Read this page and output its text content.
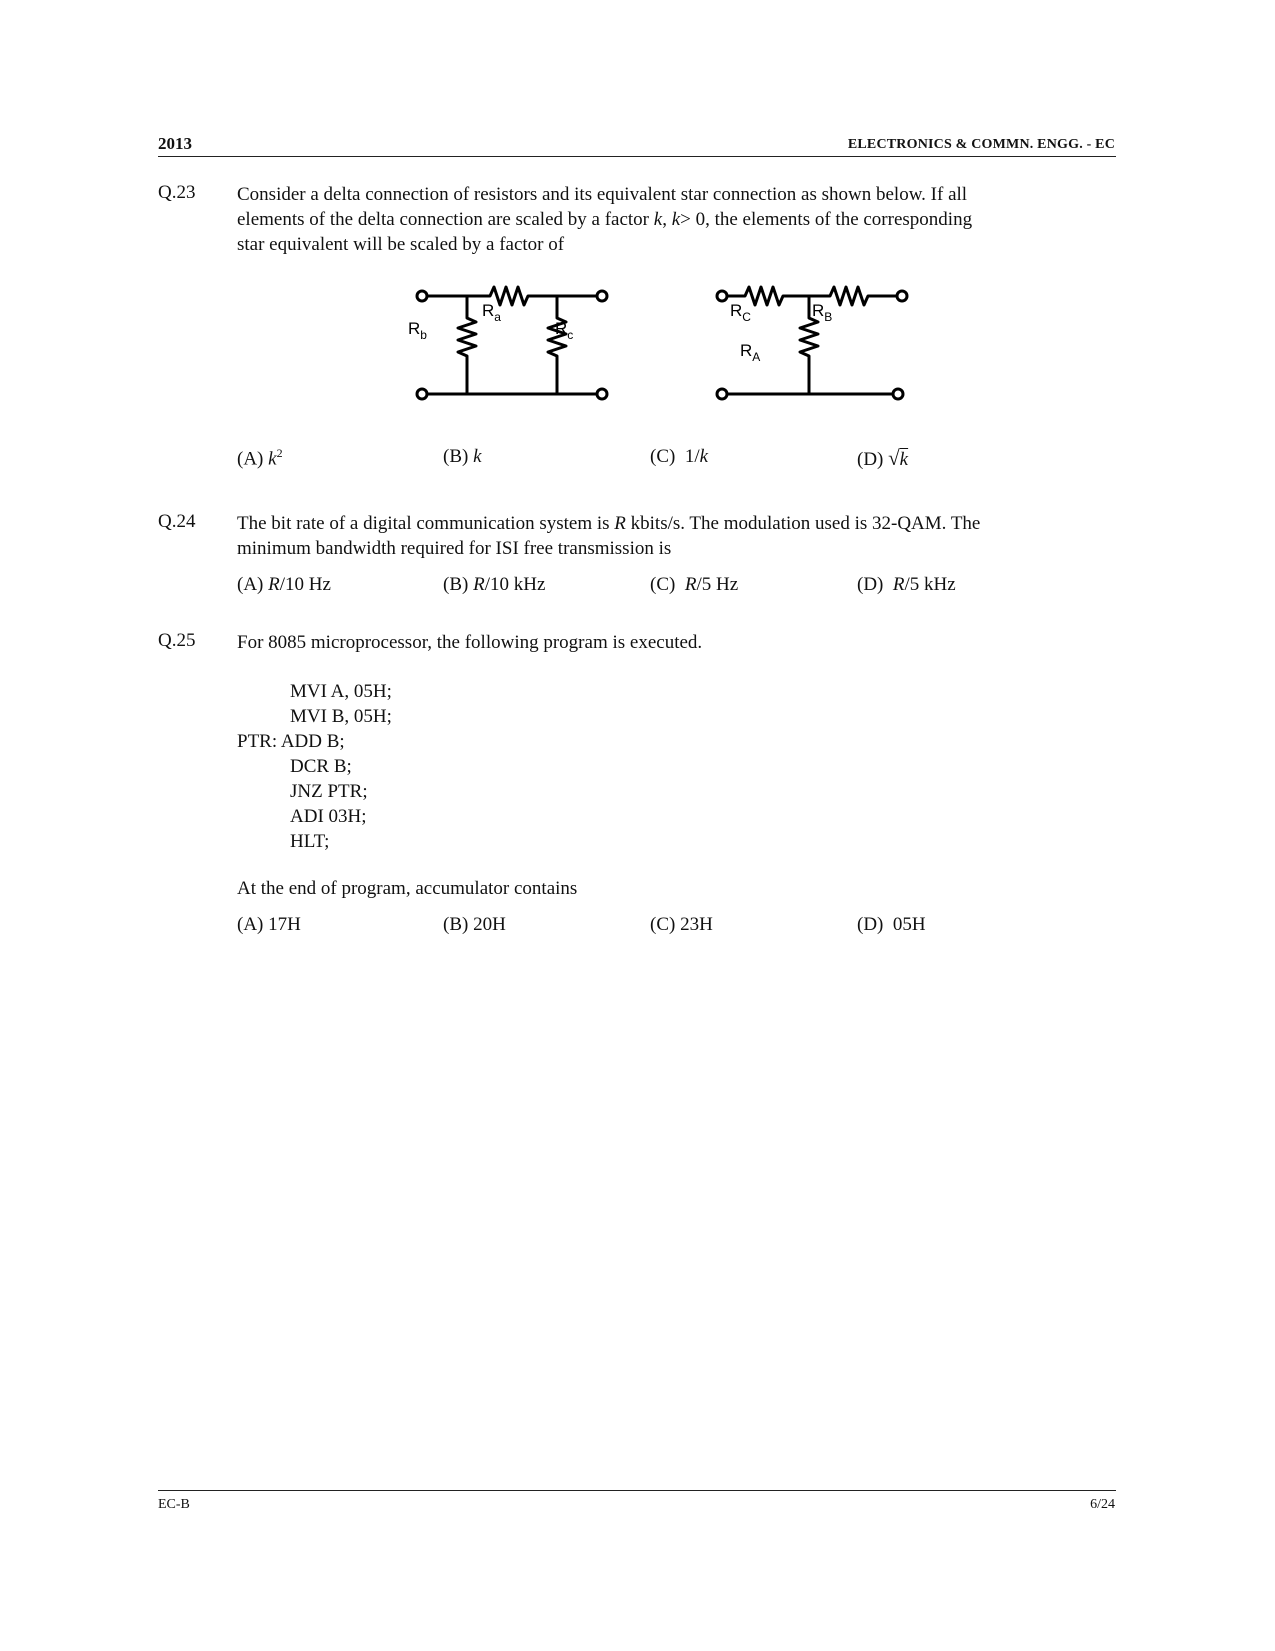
2013	ELECTRONICS & COMMN. ENGG. - EC
Q.23 Consider a delta connection of resistors and its equivalent star connection as shown below. If all
elements of the delta connection are scaled by a factor k, k> 0, the elements of the corresponding
star equivalent will be scaled by a factor of
$R_a$
$R_b$	$R_c$
$R_C$	$R_B$
$R_A$
(A) $k^2$	(B) k	(C) 1/k	(D) √k
Q.24 The bit rate of a digital communication system is R kbits/s. The modulation used is 32-QAM. The
minimum bandwidth required for ISI free transmission is
(A) R/10 Hz	(B) R/10 kHz	(C) R/5 Hz	(D) R/5 kHz
Q.25 For 8085 microprocessor, the following program is executed.
MVI A, 05H;
MVI B, 05H;
PTR: ADD B;
DCR B;
JNZ PTR;
ADI 03H;
HLT;
At the end of program, accumulator contains
(A) 17H	(B) 20H	(C) 23H	(D) 05H
EC-B	6/24
